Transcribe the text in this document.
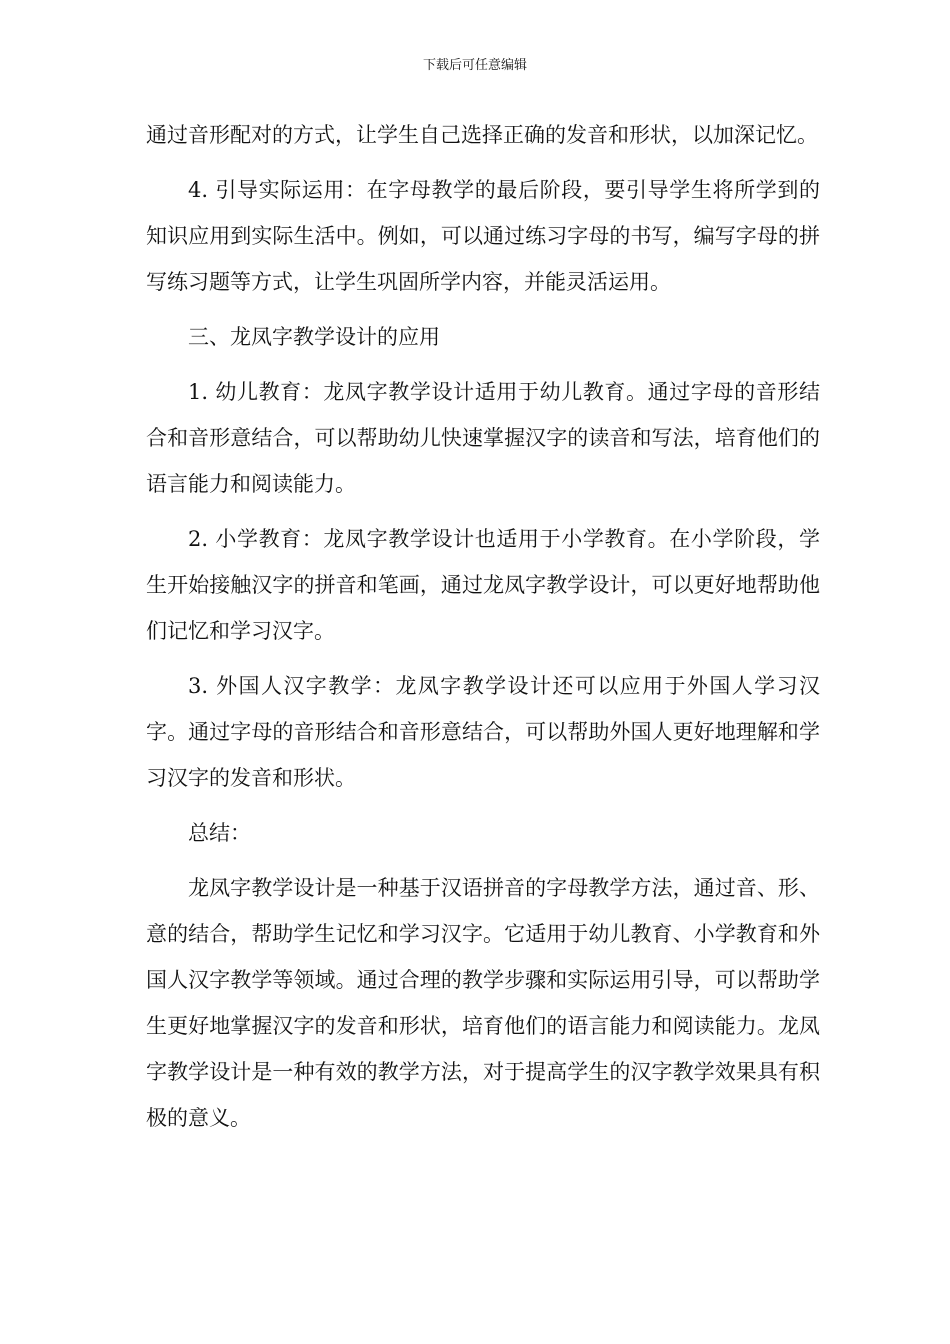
下载后可任意编辑

通过音形配对的方式，让学生自己选择正确的发音和形状，以加深记忆。

4. 引导实际运用：在字母教学的最后阶段，要引导学生将所学到的知识应用到实际生活中。例如，可以通过练习字母的书写，编写字母的拼写练习题等方式，让学生巩固所学内容，并能灵活运用。

三、龙凤字教学设计的应用

1. 幼儿教育：龙凤字教学设计适用于幼儿教育。通过字母的音形结合和音形意结合，可以帮助幼儿快速掌握汉字的读音和写法，培育他们的语言能力和阅读能力。

2. 小学教育：龙凤字教学设计也适用于小学教育。在小学阶段，学生开始接触汉字的拼音和笔画，通过龙凤字教学设计，可以更好地帮助他们记忆和学习汉字。

3. 外国人汉字教学：龙凤字教学设计还可以应用于外国人学习汉字。通过字母的音形结合和音形意结合，可以帮助外国人更好地理解和学习汉字的发音和形状。

总结：

龙凤字教学设计是一种基于汉语拼音的字母教学方法，通过音、形、意的结合，帮助学生记忆和学习汉字。它适用于幼儿教育、小学教育和外国人汉字教学等领域。通过合理的教学步骤和实际运用引导，可以帮助学生更好地掌握汉字的发音和形状，培育他们的语言能力和阅读能力。龙凤字教学设计是一种有效的教学方法，对于提高学生的汉字教学效果具有积极的意义。
